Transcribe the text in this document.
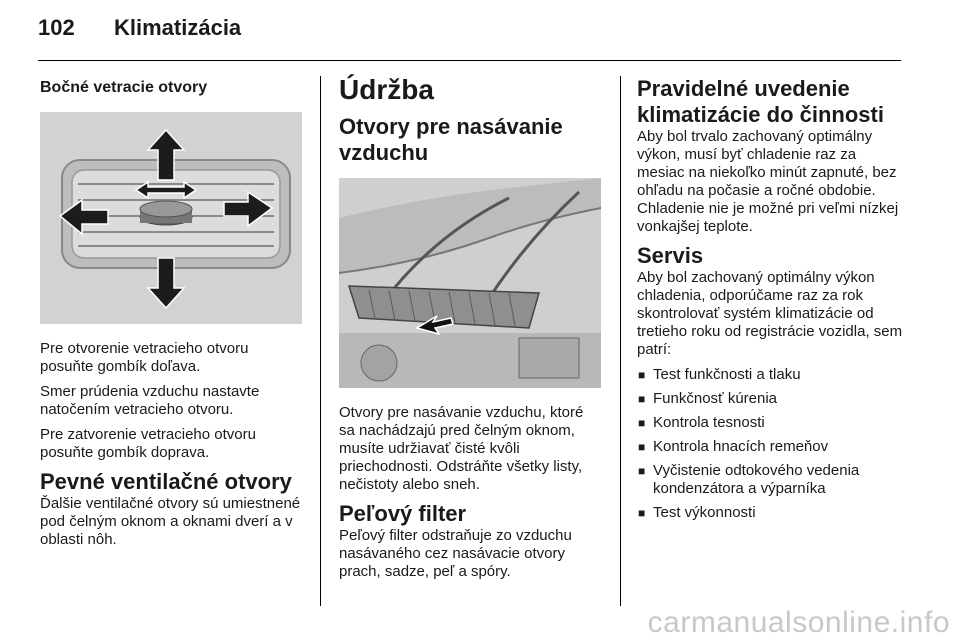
102 Klimatizácia
Bočné vetracie otvory

Pre otvorenie vetracieho otvoru posuňte gombík doľava.

Smer prúdenia vzduchu nastavte natočením vetracieho otvoru.

Pre zatvorenie vetracieho otvoru posuňte gombík doprava.

Pevné ventilačné otvory

Ďalšie ventilačné otvory sú umiestnené pod čelným oknom a oknami dverí a v oblasti nôh.

Údržba
Otvory pre nasávanie vzduchu

Otvory pre nasávanie vzduchu, ktoré sa nachádzajú pred čelným oknom, musíte udržiavať čisté kvôli priechodnosti. Odstráňte všetky listy, nečistoty alebo sneh.

Peľový filter

Peľový filter odstraňuje zo vzduchu nasávaného cez nasávacie otvory prach, sadze, peľ a spóry.

Pravidelné uvedenie klimatizácie do činnosti

Aby bol trvalo zachovaný optimálny výkon, musí byť chladenie raz za mesiac na niekoľko minút zapnuté, bez ohľadu na počasie a ročné obdobie. Chladenie nie je možné pri veľmi nízkej vonkajšej teplote.

Servis

Aby bol zachovaný optimálny výkon chladenia, odporúčame raz za rok skontrolovať systém klimatizácie od tretieho roku od registrácie vozidla, sem patrí:

■ Test funkčnosti a tlaku
■ Funkčnosť kúrenia
■ Kontrola tesnosti
■ Kontrola hnacích remeňov
■ Vyčistenie odtokového vedenia kondenzátora a výparníka
■ Test výkonnosti
carmanualsonline.info
